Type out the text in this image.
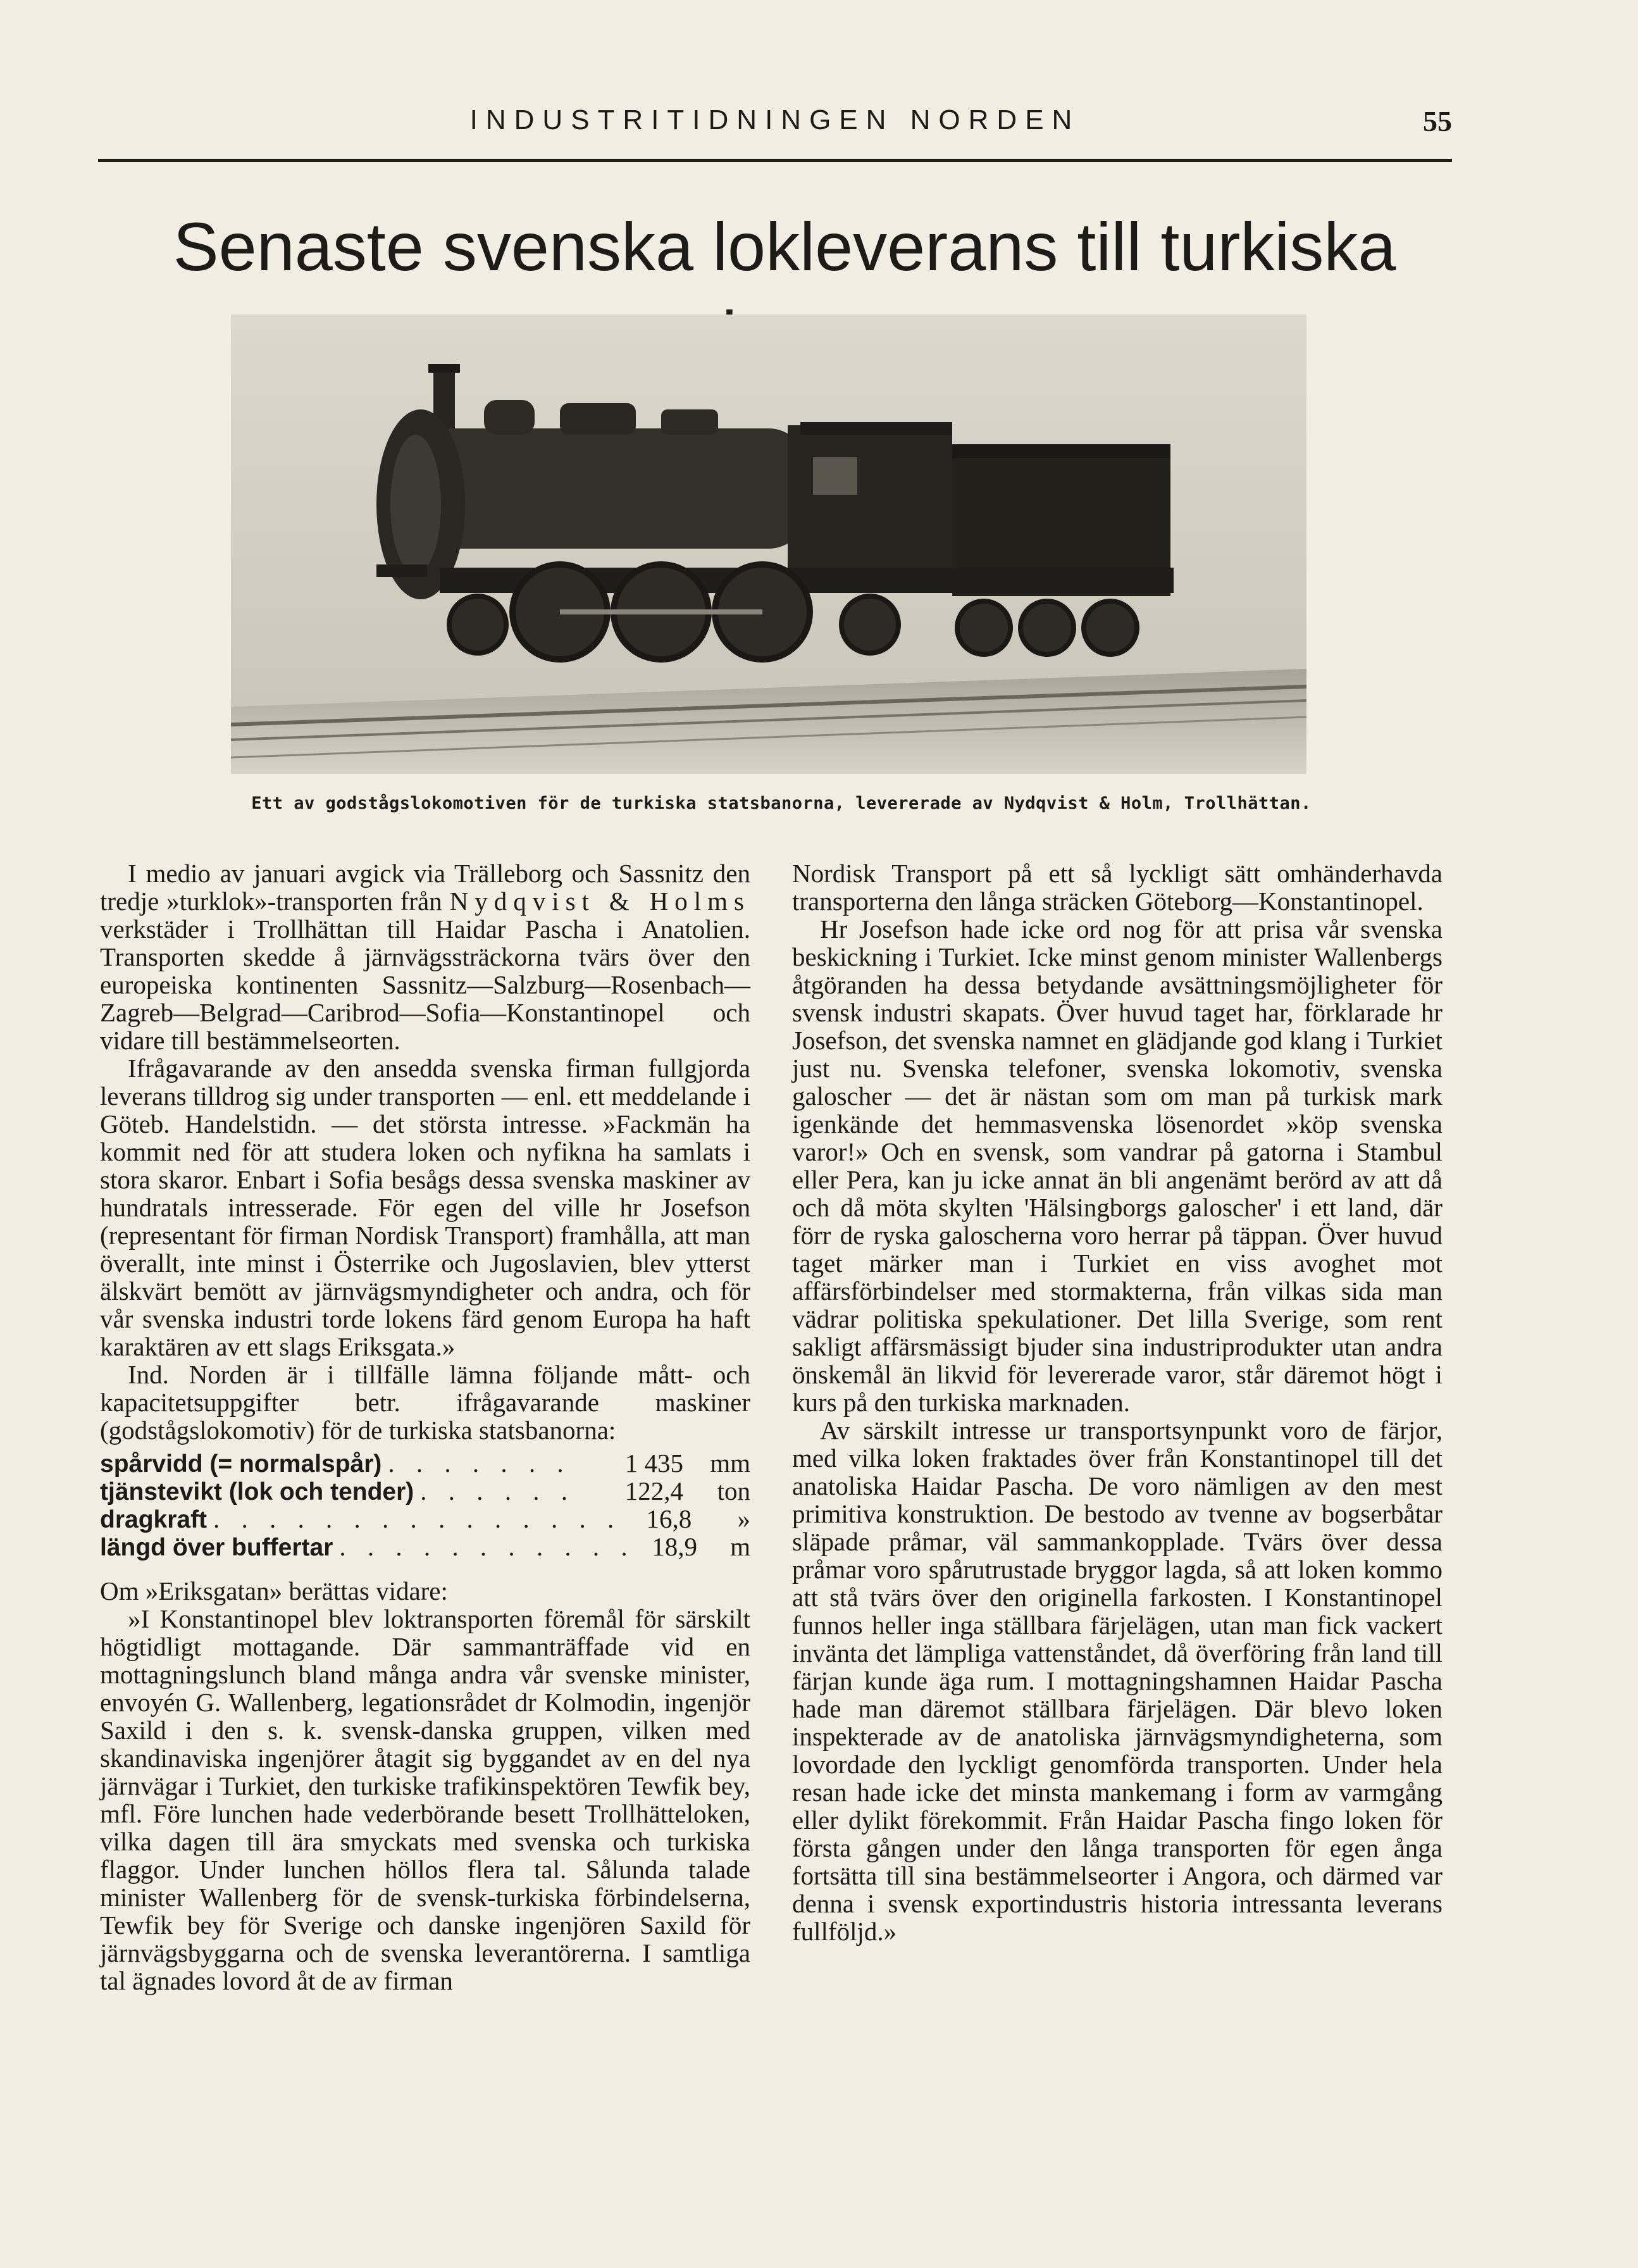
INDUSTRITIDNINGEN NORDEN	55
Senaste svenska lokleverans till turkiska

Ett av godstågslokomotiven för de turkiska statsbanorna, levererade av Nydqvist & Holm, Trollhättan.

I medio av januari avgick via Trälleborg och Sassnitz den tredje »turklok»-transporten från Nydqvist & Holms verkstäder i Trollhättan till Haidar Pascha i Anatolien. Transporten skedde å järnvägssträckorna tvärs över den europeiska kontinenten Sassnitz—Salzburg—Rosenbach—Zagreb—Belgrad—Caribrod—Sofia—Konstantinopel och vidare till bestämmelseorten.

Ifrågavarande av den ansedda svenska firman fullgjorda leverans tilldrog sig under transporten — enl. ett meddelande i Göteb. Handelstidn. — det största intresse. »Fackmän ha kommit ned för att studera loken och nyfikna ha samlats i stora skaror. Enbart i Sofia besågs dessa svenska maskiner av hundratals intresserade. För egen del ville hr Josefson (representant för firman Nordisk Transport) framhålla, att man överallt, inte minst i Österrike och Jugoslavien, blev ytterst älskvärt bemött av järnvägsmyndigheter och andra, och för vår svenska industri torde lokens färd genom Europa ha haft karaktären av ett slags Eriksgata.»

Ind. Norden är i tillfälle lämna följande mått- och kapacitetsuppgifter betr. ifrågavarande maskiner (godstågslokomotiv) för de turkiska statsbanorna:

spårvidd (= normalspår) . . . . . . .	1 435	mm
tjänstevikt (lok och tender) . . . . . .	122,4	ton
dragkraft . . . . . . . . . . . . . . . 16,8	»
längd över buffertar . . . . . . . . . . . 18,9	m

Om »Eriksgatan» berättas vidare:

»I Konstantinopel blev loktransporten föremål för särskilt högtidligt mottagande. Där sammanträffade vid en mottagningslunch bland många andra vår svenske minister, envoyén G. Wallenberg, legationsrådet dr Kolmodin, ingenjör Saxild i den s. k. svensk-danska gruppen, vilken med skandinaviska ingenjörer åtagit sig byggandet av en del nya järnvägar i Turkiet, den turkiske trafikinspektören Tewfik bey, mfl. Före lunchen hade vederbörande besett Trollhätteloken, vilka dagen till ära smyckats med svenska och turkiska flaggor. Under lunchen höllos flera tal. Sålunda talade minister Wallenberg för de svensk-turkiska förbindelserna, Tewfik bey för Sverige och danske ingenjören Saxild för järnvägsbyggarna och de svenska leverantörerna. I samtliga tal ägnades lovord åt de av firman

Nordisk Transport på ett så lyckligt sätt omhänderhavda transporterna den långa sträcken Göteborg—Konstantinopel.

Hr Josefson hade icke ord nog för att prisa vår svenska beskickning i Turkiet. Icke minst genom minister Wallenbergs åtgöranden ha dessa betydande avsättningsmöjligheter för svensk industri skapats. Över huvud taget har, förklarade hr Josefson, det svenska namnet en glädjande god klang i Turkiet just nu. Svenska telefoner, svenska lokomotiv, svenska galoscher — det är nästan som om man på turkisk mark igenkände det hemmasvenska lösenordet »köp svenska varor!» Och en svensk, som vandrar på gatorna i Stambul eller Pera, kan ju icke annat än bli angenämt berörd av att då och då möta skylten 'Hälsingborgs galoscher' i ett land, där förr de ryska galoscherna voro herrar på täppan. Över huvud taget märker man i Turkiet en viss avoghet mot affärsförbindelser med stormakterna, från vilkas sida man vädrar politiska spekulationer. Det lilla Sverige, som rent sakligt affärsmässigt bjuder sina industriprodukter utan andra önskemål än likvid för levererade varor, står däremot högt i kurs på den turkiska marknaden.

Av särskilt intresse ur transportsynpunkt voro de färjor, med vilka loken fraktades över från Konstantinopel till det anatoliska Haidar Pascha. De voro nämligen av den mest primitiva konstruktion. De bestodo av tvenne av bogserbåtar släpade pråmar, väl sammankopplade. Tvärs över dessa pråmar voro spårutrustade bryggor lagda, så att loken kommo att stå tvärs över den originella farkosten. I Konstantinopel funnos heller inga ställbara färjelägen, utan man fick vackert invänta det lämpliga vattenståndet, då överföring från land till färjan kunde äga rum. I mottagningshamnen Haidar Pascha hade man däremot ställbara färjelägen. Där blevo loken inspekterade av de anatoliska järnvägsmyndigheterna, som lovordade den lyckligt genomförda transporten. Under hela resan hade icke det minsta mankemang i form av varmgång eller dylikt förekommit. Från Haidar Pascha fingo loken för första gången under den långa transporten för egen ånga fortsätta till sina bestämmelseorter i Angora, och därmed var denna i svensk exportindustris historia intressanta leverans fullföljd.»
